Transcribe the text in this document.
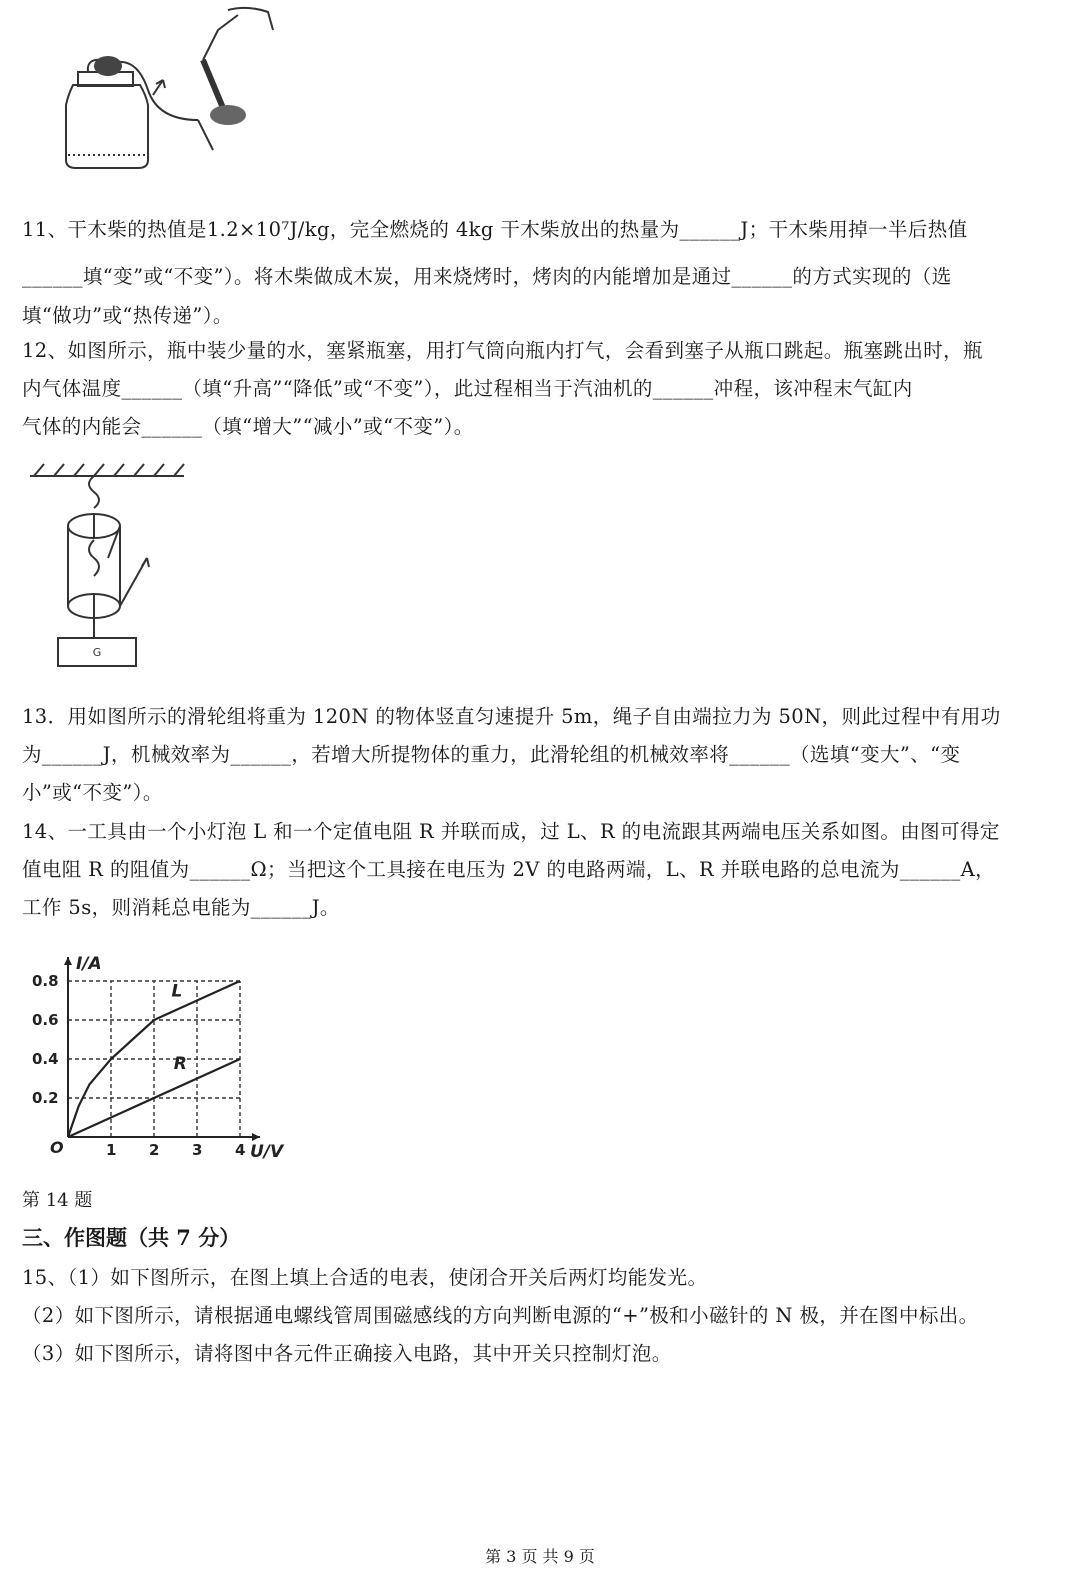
11、干木柴的热值是1.2×10⁷J/kg，完全燃烧的 4kg 干木柴放出的热量为______J；干木柴用掉一半后热值
______填“变”或“不变”）。将木柴做成木炭，用来烧烤时，烤肉的内能增加是通过______的方式实现的（选
填“做功”或“热传递”）。

12、如图所示，瓶中装少量的水，塞紧瓶塞，用打气筒向瓶内打气，会看到塞子从瓶口跳起。瓶塞跳出时，瓶
内气体温度______（填“升高”“降低”或“不变”），此过程相当于汽油机的______冲程，该冲程末气缸内
气体的内能会______（填“增大”“减小”或“不变”）。

G

13．用如图所示的滑轮组将重为 120N 的物体竖直匀速提升 5m，绳子自由端拉力为 50N，则此过程中有用功
为______J，机械效率为______，若增大所提物体的重力，此滑轮组的机械效率将______（选填“变大”、“变
小”或“不变”）。

14、一工具由一个小灯泡 L 和一个定值电阻 R 并联而成，过 L、R 的电流跟其两端电压关系如图。由图可得定
值电阻 R 的阻值为______Ω；当把这个工具接在电压为 2V 的电路两端，L、R 并联电路的总电流为______A，
工作 5s，则消耗总电能为______J。

U/V
I/A
O	1 2 3 4
0.2
0.4
0.6
0.8
L
R
第 14 题
三、作图题（共 7 分）

15、（1）如下图所示，在图上填上合适的电表，使闭合开关后两灯均能发光。
（2）如下图所示，请根据通电螺线管周围磁感线的方向判断电源的“+”极和小磁针的 N 极，并在图中标出。
（3）如下图所示，请将图中各元件正确接入电路，其中开关只控制灯泡。

第 3 页 共 9 页
